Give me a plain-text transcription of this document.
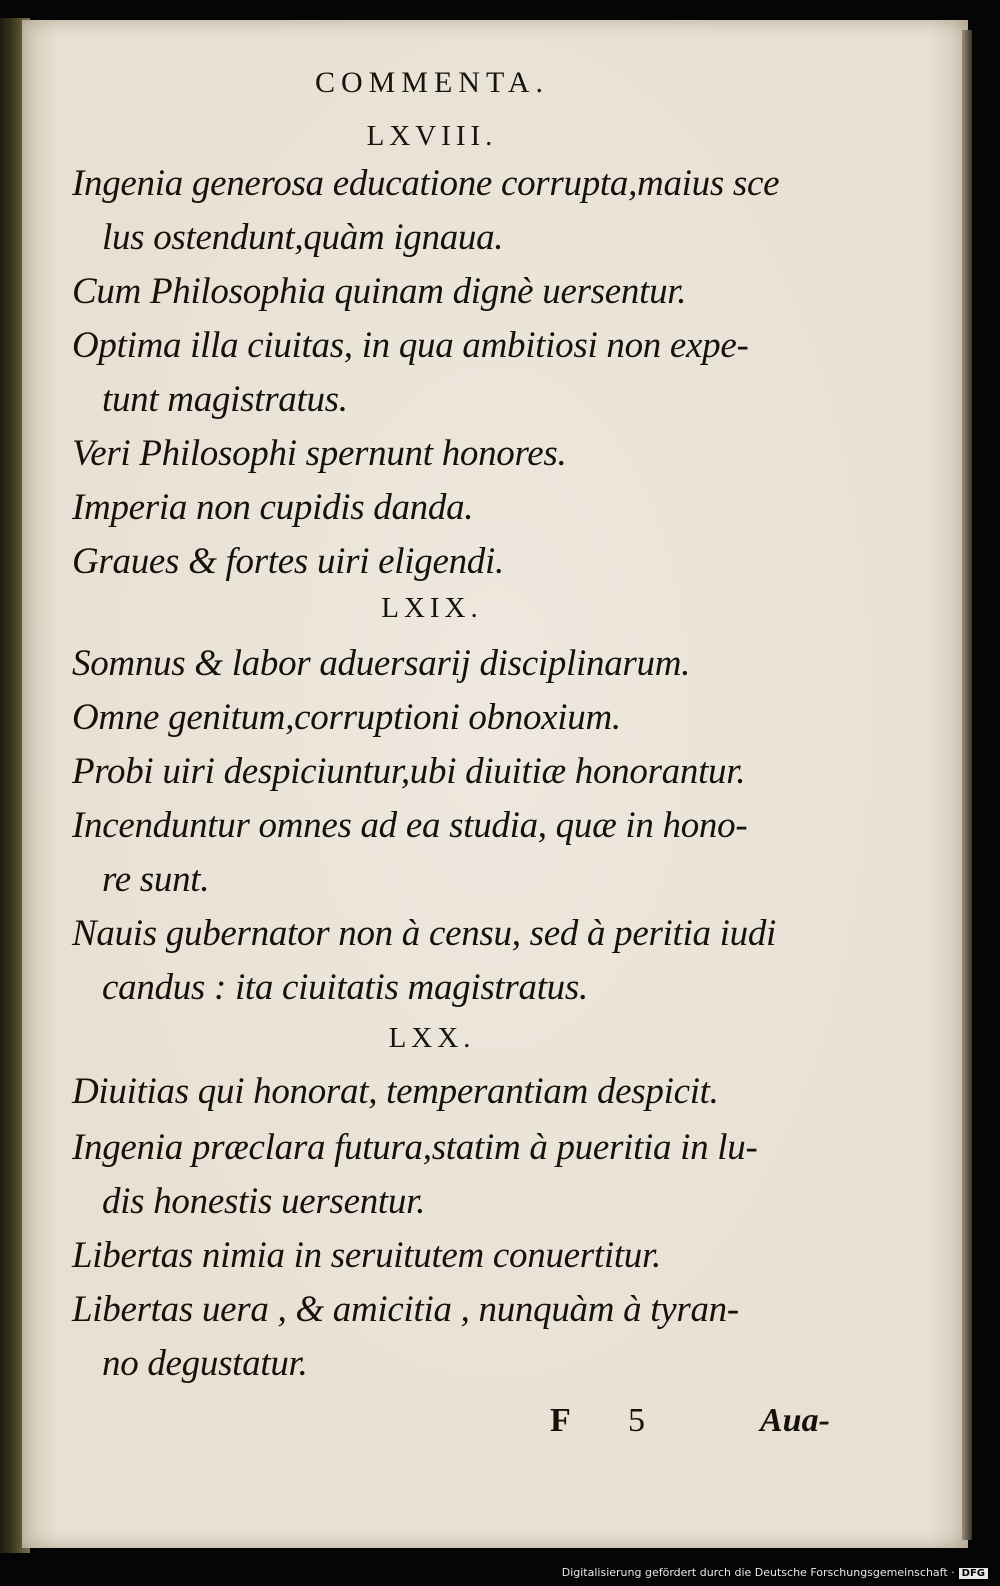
COMMENTA.
LXVIII.
Ingenia generosa educatione corrupta,maius sce
lus ostendunt,quàm ignaua.
Cum Philosophia quinam dignè uersentur.
Optima illa ciuitas, in qua ambitiosi non expe-
tunt magistratus.
Veri Philosophi spernunt honores.
Imperia non cupidis danda.
Graues & fortes uiri eligendi.
LXIX.
Somnus & labor aduersarij disciplinarum.
Omne genitum,corruptioni obnoxium.
Probi uiri despiciuntur,ubi diuitiæ honorantur.
Incenduntur omnes ad ea studia, quæ in hono-
re sunt.
Nauis gubernator non à censu, sed à peritia iudi
candus : ita ciuitatis magistratus.
LXX.
Diuitias qui honorat, temperantiam despicit.
Ingenia præclara futura,statim à pueritia in lu-
dis honestis uersentur.
Libertas nimia in seruitutem conuertitur.
Libertas uera , & amicitia , nunquàm à tyran-
no degustatur.
F 5	Aua-
Digitalisierung gefördert durch die Deutsche Forschungsgemeinschaft · DFG
